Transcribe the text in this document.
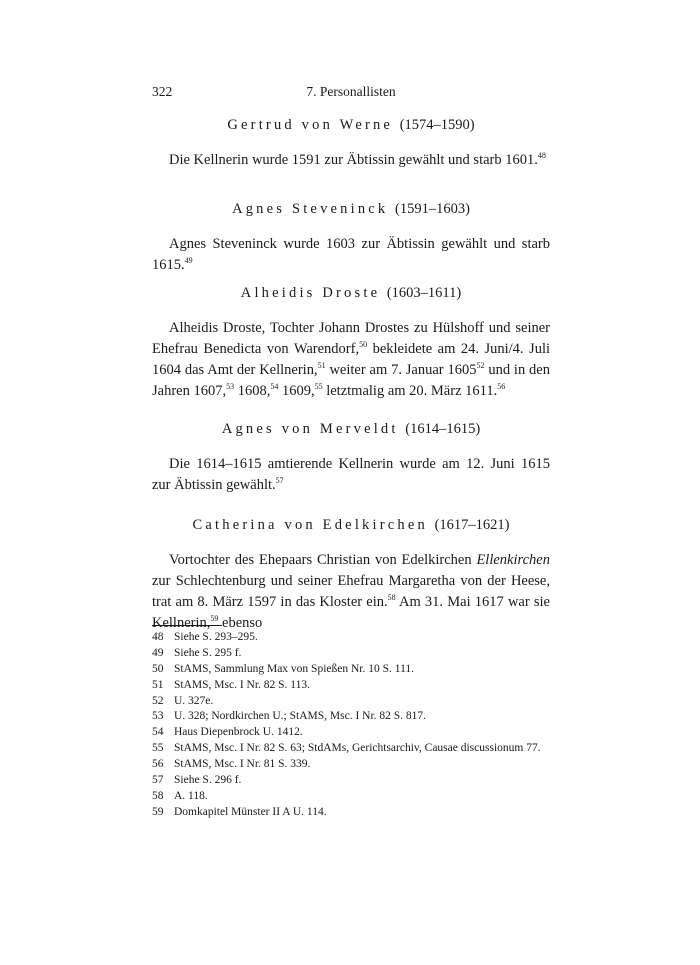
322	7. Personallisten
Gertrud von Werne (1574–1590)

Die Kellnerin wurde 1591 zur Äbtissin gewählt und starb 1601.48

Agnes Steveninck (1591–1603)

Agnes Steveninck wurde 1603 zur Äbtissin gewählt und starb 1615.49

Alheidis Droste (1603–1611)

Alheidis Droste, Tochter Johann Drostes zu Hülshoff und seiner Ehefrau Benedicta von Warendorf,$^{50}$ bekleidete am 24. Juni/4. Juli 1604 das Amt der Kellnerin,$^{51}$ weiter am 7. Januar 1605$^{52}$ und in den Jahren 1607,53 1608,54 1609,55 letztmalig am 20. März 1611.56

Agnes von Merveldt (1614–1615)

Die 1614–1615 amtierende Kellnerin wurde am 12. Juni 1615 zur Äbtissin gewählt.$^{57}$

Catherina von Edelkirchen (1617–1621)

Vortochter des Ehepaars Christian von Edelkirchen Ellenkirchen zur Schlechtenburg und seiner Ehefrau Margaretha von der Heese, trat am 8. März 1597 in das Kloster ein.$^{58}$ Am 31. Mai 1617 war sie Kellnerin,$^{59}$ ebenso

48 Siehe S. 293–295.
49 Siehe S. 295 f.
50 StAMS, Sammlung Max von Spießen Nr. 10 S. 111.
51 StAMS, Msc. I Nr. 82 S. 113.
52 U. 327e.
53 U. 328; Nordkirchen U.; StAMS, Msc. I Nr. 82 S. 817.
54 Haus Diepenbrock U. 1412.
55 StAMS, Msc. I Nr. 82 S. 63; StdAMs, Gerichtsarchiv, Causae discussionum 77.
56 StAMS, Msc. I Nr. 81 S. 339.
57 Siehe S. 296 f.
58 A. 118.
59 Domkapitel Münster II A U. 114.
